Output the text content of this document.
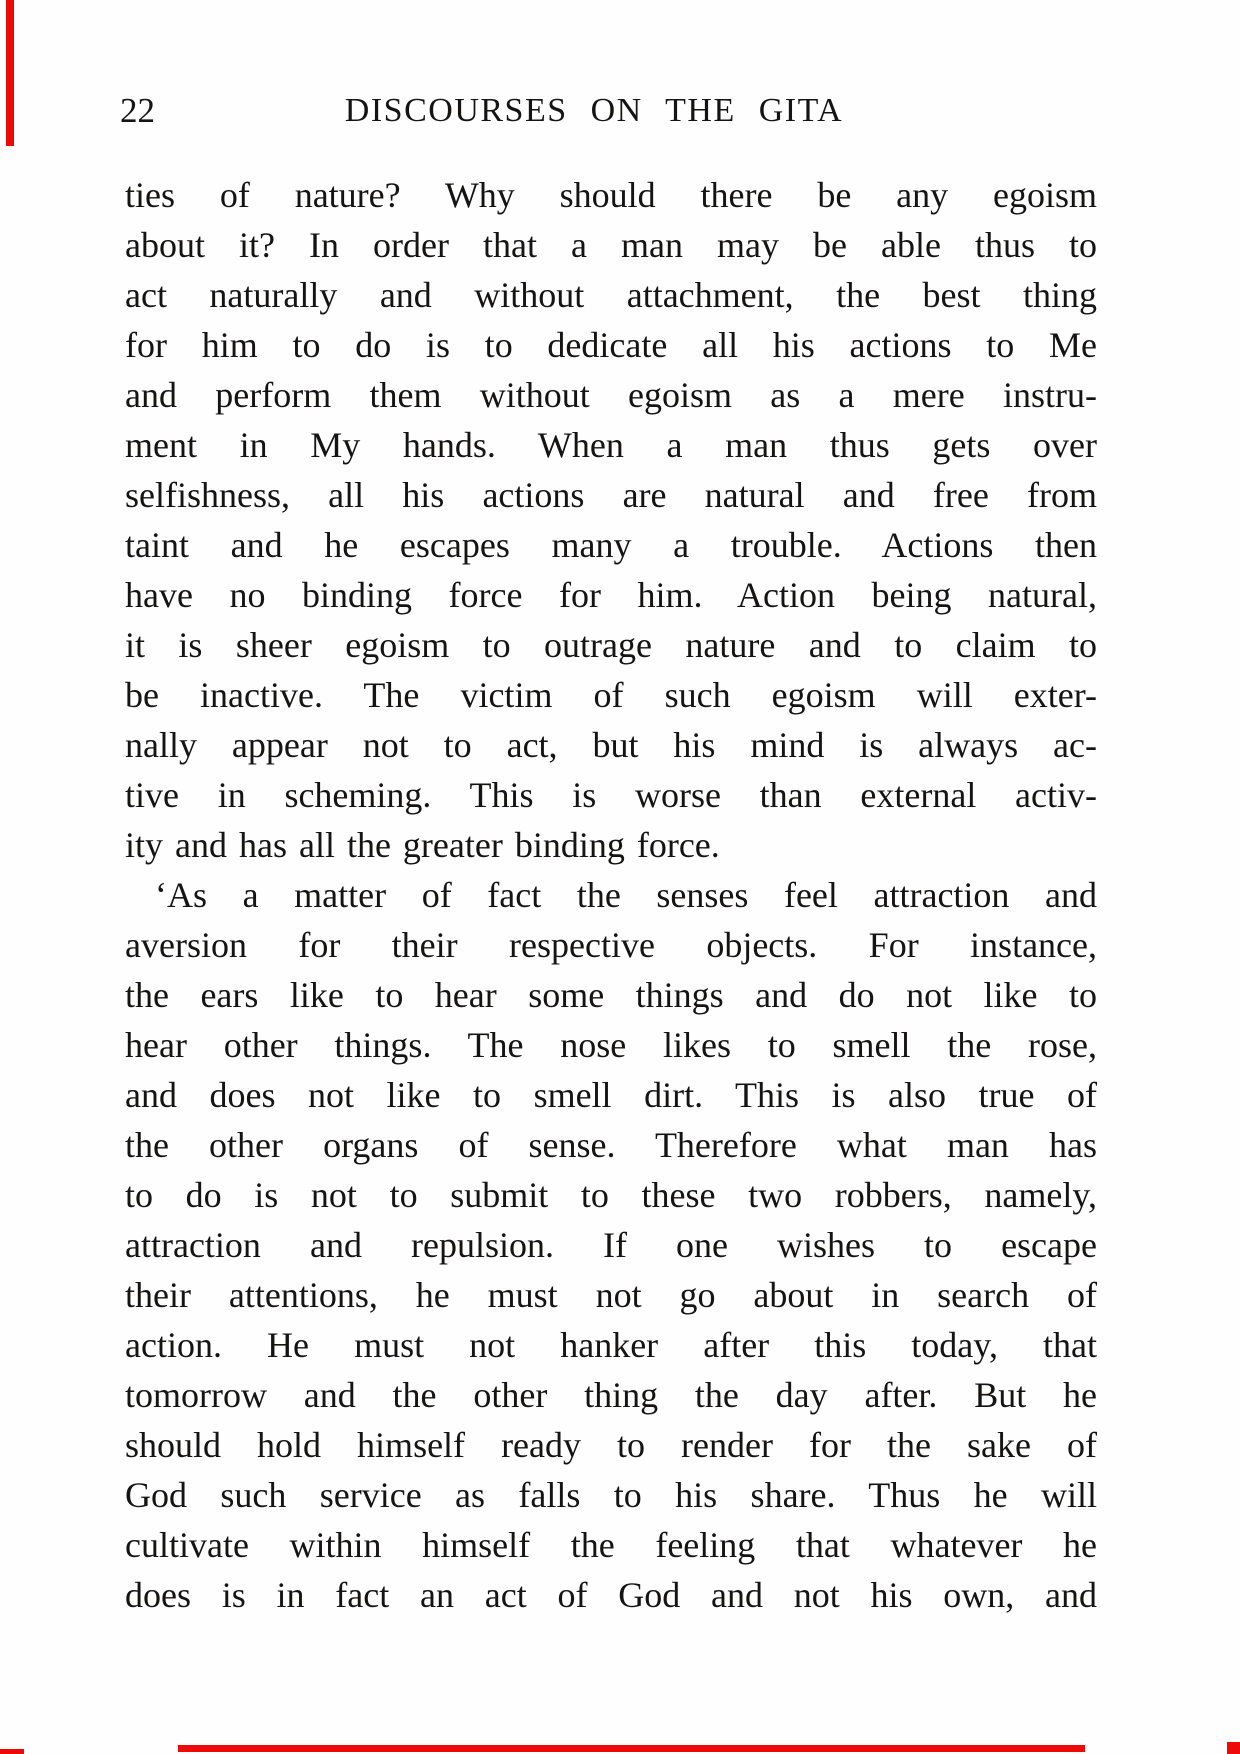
22	DISCOURSES ON THE GITA
ties of nature? Why should there be any egoism
about it? In order that a man may be able thus to
act naturally and without attachment, the best thing
for him to do is to dedicate all his actions to Me
and perform them without egoism as a mere instru-
ment in My hands. When a man thus gets over
selfishness, all his actions are natural and free from
taint and he escapes many a trouble. Actions then
have no binding force for him. Action being natural,
it is sheer egoism to outrage nature and to claim to
be inactive. The victim of such egoism will exter-
nally appear not to act, but his mind is always ac-
tive in scheming. This is worse than external activ-
ity and has all the greater binding force.
‘As a matter of fact the senses feel attraction and
aversion for their respective objects. For instance,
the ears like to hear some things and do not like to
hear other things. The nose likes to smell the rose,
and does not like to smell dirt. This is also true of
the other organs of sense. Therefore what man has
to do is not to submit to these two robbers, namely,
attraction and repulsion. If one wishes to escape
their attentions, he must not go about in search of
action. He must not hanker after this today, that
tomorrow and the other thing the day after. But he
should hold himself ready to render for the sake of
God such service as falls to his share. Thus he will
cultivate within himself the feeling that whatever he
does is in fact an act of God and not his own, and
